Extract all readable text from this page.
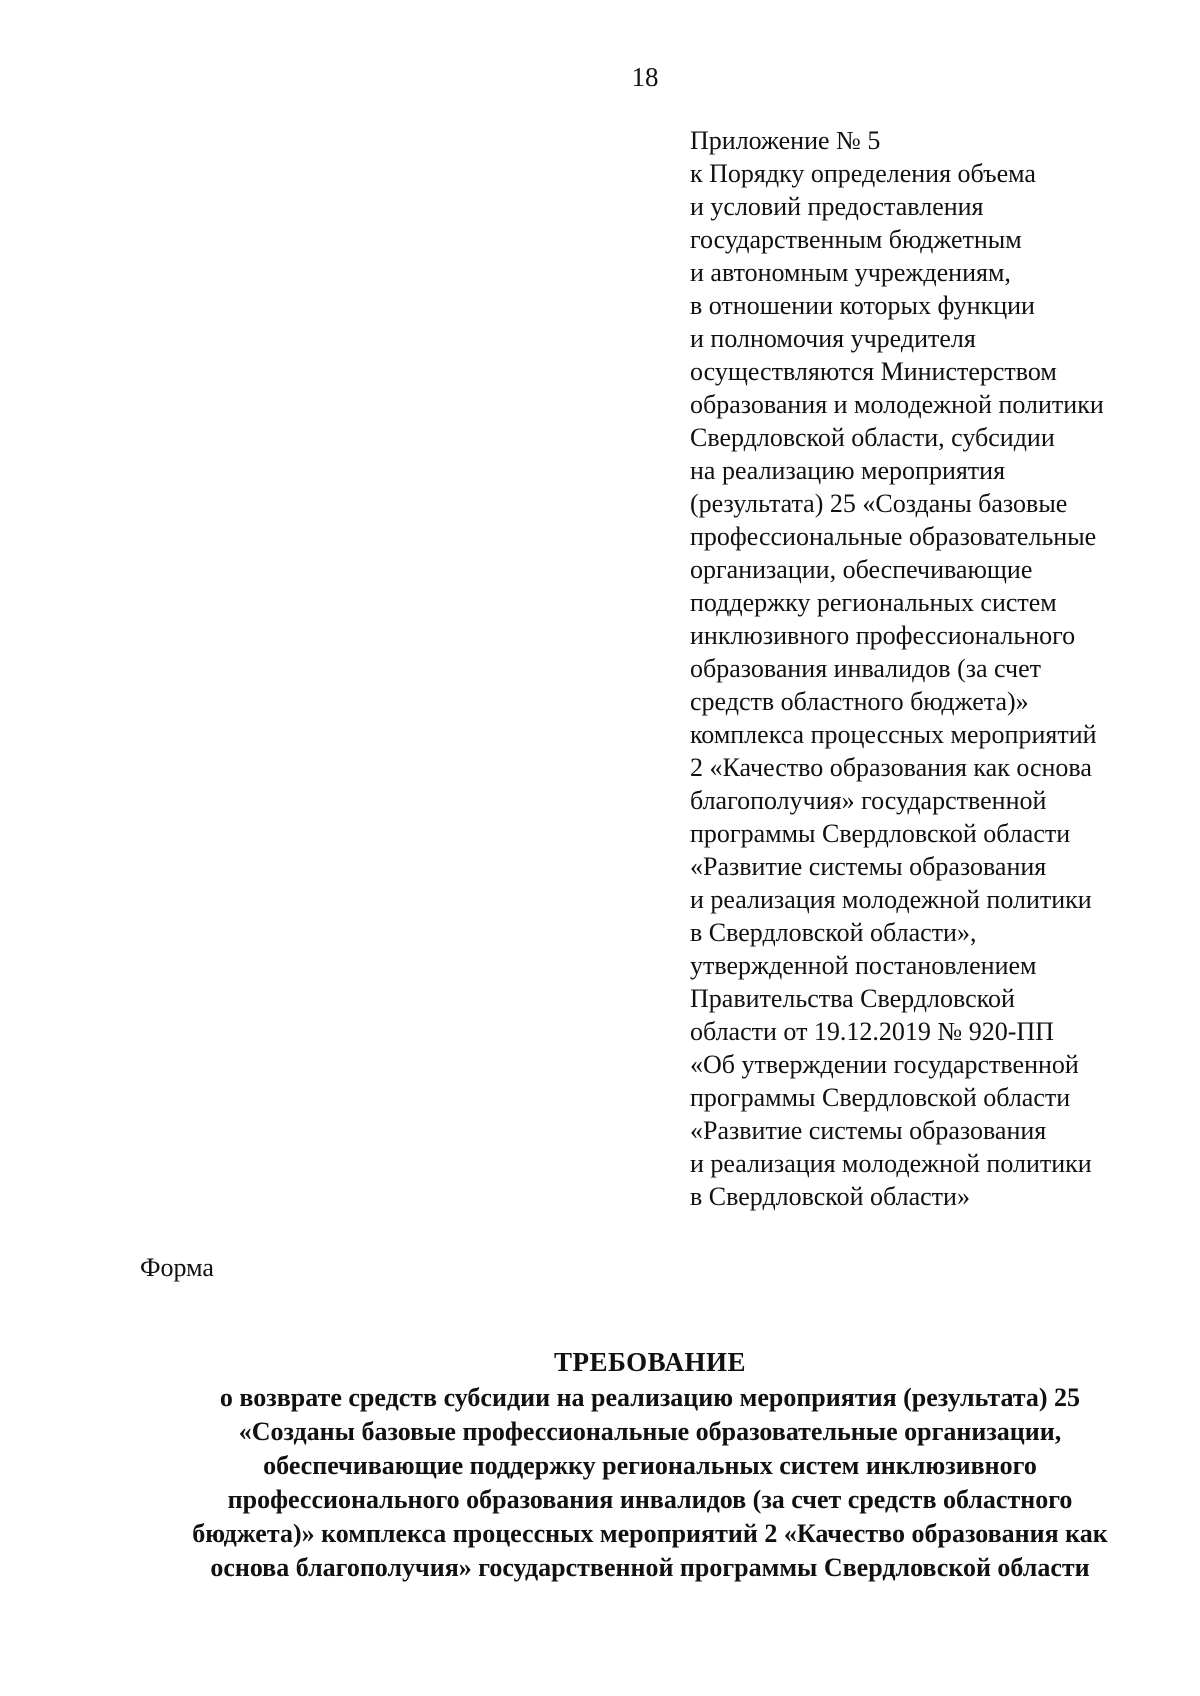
18
Приложение № 5
к Порядку определения объема
и условий предоставления
государственным бюджетным
и автономным учреждениям,
в отношении которых функции
и полномочия учредителя
осуществляются Министерством
образования и молодежной политики
Свердловской области, субсидии
на реализацию мероприятия
(результата) 25 «Созданы базовые
профессиональные образовательные
организации, обеспечивающие
поддержку региональных систем
инклюзивного профессионального
образования инвалидов (за счет
средств областного бюджета)»
комплекса процессных мероприятий
2 «Качество образования как основа
благополучия» государственной
программы Свердловской области
«Развитие системы образования
и реализация молодежной политики
в Свердловской области»,
утвержденной постановлением
Правительства Свердловской
области от 19.12.2019 № 920-ПП
«Об утверждении государственной
программы Свердловской области
«Развитие системы образования
и реализация молодежной политики
в Свердловской области»
Форма
ТРЕБОВАНИЕ
о возврате средств субсидии на реализацию мероприятия (результата) 25
«Созданы базовые профессиональные образовательные организации,
обеспечивающие поддержку региональных систем инклюзивного
профессионального образования инвалидов (за счет средств областного
бюджета)» комплекса процессных мероприятий 2 «Качество образования как
основа благополучия» государственной программы Свердловской области
